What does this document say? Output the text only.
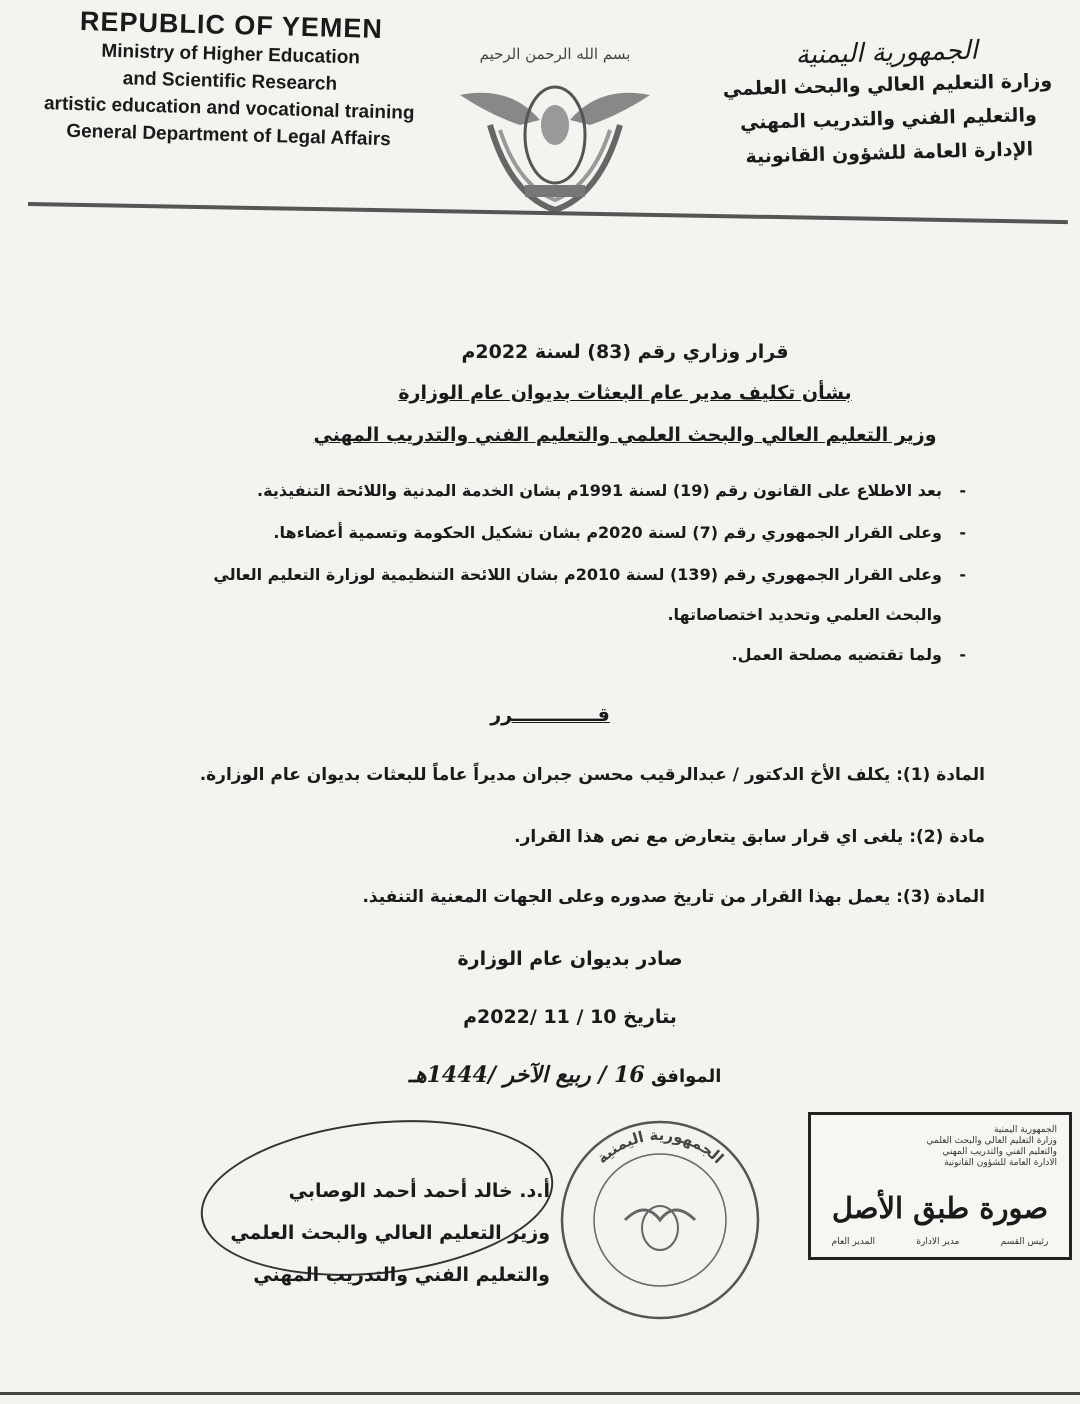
REPUBLIC OF YEMEN
Ministry of Higher Education
and Scientific Research
artistic education and vocational training
General Department of Legal Affairs
بسم الله الرحمن الرحيم	الجمهورية اليمنية
وزارة التعليم العالي والبحث العلمي
والتعليم الفني والتدريب المهني
الإدارة العامة للشؤون القانونية
قرار وزاري رقم (83) لسنة 2022م
بشأن تكليف مدير عام البعثات بديوان عام الوزارة
وزير التعليم العالي والبحث العلمي والتعليم الفني والتدريب المهني
-
بعد الاطلاع على القانون رقم (19) لسنة 1991م بشان الخدمة المدنية واللائحة التنفيذية.
-
وعلى القرار الجمهوري رقم (7) لسنة 2020م بشان تشكيل الحكومة وتسمية أعضاءها.
-
وعلى القرار الجمهوري رقم (139) لسنة 2010م بشان اللائحة التنظيمية لوزارة التعليم العالي
والبحث العلمي وتحديد اختصاصاتها.
-
ولما تقتضيه مصلحة العمل.
قـــــــــــــرر
المادة (1): يكلف الأخ الدكتور / عبدالرقيب محسن جبران مديراً عاماً للبعثات بديوان عام الوزارة.
مادة (2): يلغى اي قرار سابق يتعارض مع نص هذا القرار.
المادة (3): يعمل بهذا القرار من تاريخ صدوره وعلى الجهات المعنية التنفيذ.
صادر بديوان عام الوزارة
بتاريخ 10 / 11 /2022م
الموافق 16 / ربيع الآخر /1444هـ
أ.د. خالد أحمد أحمد الوصابي
وزير التعليم العالي والبحث العلمي
والتعليم الفني والتدريب المهني
الجمهورية اليمنية
الجمهورية اليمنية
وزارة التعليم العالي والبحث العلمي
والتعليم الفني والتدريب المهني
الادارة العامة للشؤون القانونية
صورة طبق الأصل
رئيس القسم
مدير الادارة
المدير العام
